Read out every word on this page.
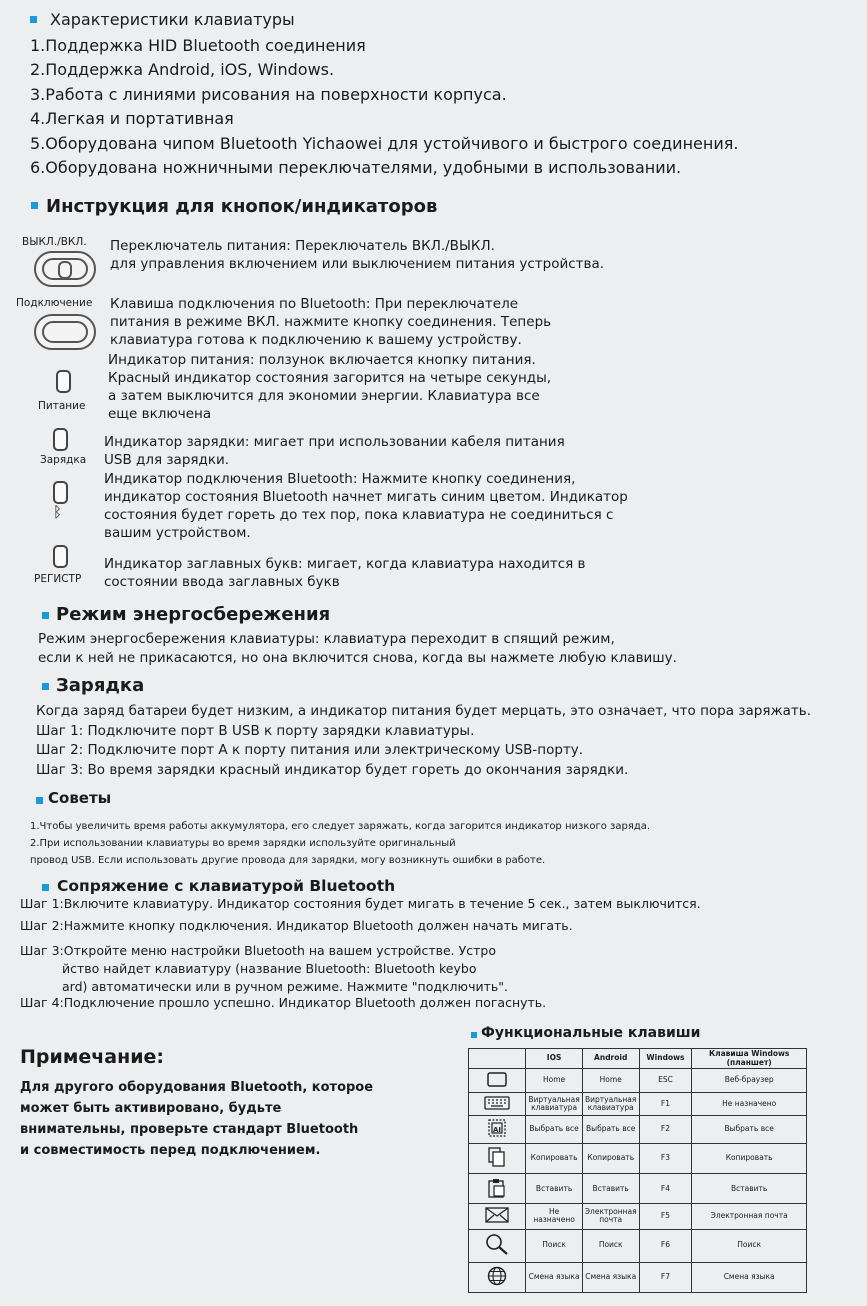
Характеристики клавиатуры
1.Поддержка HID Bluetooth соединения
2.Поддержка Android, iOS, Windows.
3.Работа с линиями рисования на поверхности корпуса.
4.Легкая и портативная
5.Оборудована чипом Bluetooth Yichaowei для устойчивого и быстрого соединения.
6.Оборудована ножничными переключателями, удобными в использовании.
Инструкция для кнопок/индикаторов
ВЫКЛ./ВКЛ. Переключатель питания: Переключатель ВКЛ./ВЫКЛ.
для управления включением или выключением питания устройства.
Подключение Клавиша подключения по Bluetooth: При переключателе
питания в режиме ВКЛ. нажмите кнопку соединения. Теперь
клавиатура готова к подключению к вашему устройству.
Питание
Индикатор питания: ползунок включается кнопку питания.
Красный индикатор состояния загорится на четыре секунды,
а затем выключится для экономии энергии. Клавиатура все
еще включена
Зарядка
Индикатор зарядки: мигает при использовании кабеля питания
USB для зарядки.
ᛒ
Индикатор подключения Bluetooth: Нажмите кнопку соединения,
индикатор состояния Bluetooth начнет мигать синим цветом. Индикатор
состояния будет гореть до тех пор, пока клавиатура не соединиться с
вашим устройством.
РЕГИСТР
Индикатор заглавных букв: мигает, когда клавиатура находится в
состоянии ввода заглавных букв
Режим энергосбережения
Режим энергосбережения клавиатуры: клавиатура переходит в спящий режим,
если к ней не прикасаются, но она включится снова, когда вы нажмете любую клавишу.
Зарядка
Когда заряд батареи будет низким, а индикатор питания будет мерцать, это означает, что пора заряжать.
Шаг 1: Подключите порт B USB к порту зарядки клавиатуры.
Шаг 2: Подключите порт A к порту питания или электрическому USB-порту.
Шаг 3: Во время зарядки красный индикатор будет гореть до окончания зарядки.
Советы
1.Чтобы увеличить время работы аккумулятора, его следует заряжать, когда загорится индикатор низкого заряда.
2.При использовании клавиатуры во время зарядки используйте оригинальный
провод USB. Если использовать другие провода для зарядки, могу возникнуть ошибки в работе.
Сопряжение с клавиатурой Bluetooth
Шаг 1:Включите клавиатуру. Индикатор состояния будет мигать в течение 5 сек., затем выключится.
Шаг 2:Нажмите кнопку подключения. Индикатор Bluetooth должен начать мигать.
Шаг 3:Откройте меню настройки Bluetooth на вашем устройстве. Устро
йство найдет клавиатуру (название Bluetooth: Bluetooth keybo
ard) автоматически или в ручном режиме. Нажмите "подключить".
Шаг 4:Подключение прошло успешно. Индикатор Bluetooth должен погаснуть.
Примечание:
Для другого оборудования Bluetooth, которое
может быть активировано, будьте
внимательны, проверьте стандарт Bluetooth
и совместимость перед подключением.
Функциональные клавиши
	IOS	Android	Windows	Клавиша Windows (планшет)
	Home	Home	ESC	Веб-браузер
	Виртуальная клавиатура	Виртуальная клавиатура	F1	Не назначено

AI	Выбрать все	Выбрать все	F2	Выбрать все
	Копировать	Копировать	F3	Копировать
	Вставить	Вставить	F4	Вставить
	Не назначено	Электронная почта	F5	Электронная почта
	Поиск	Поиск	F6	Поиск
	Смена языка	Смена языка	F7	Смена языка
